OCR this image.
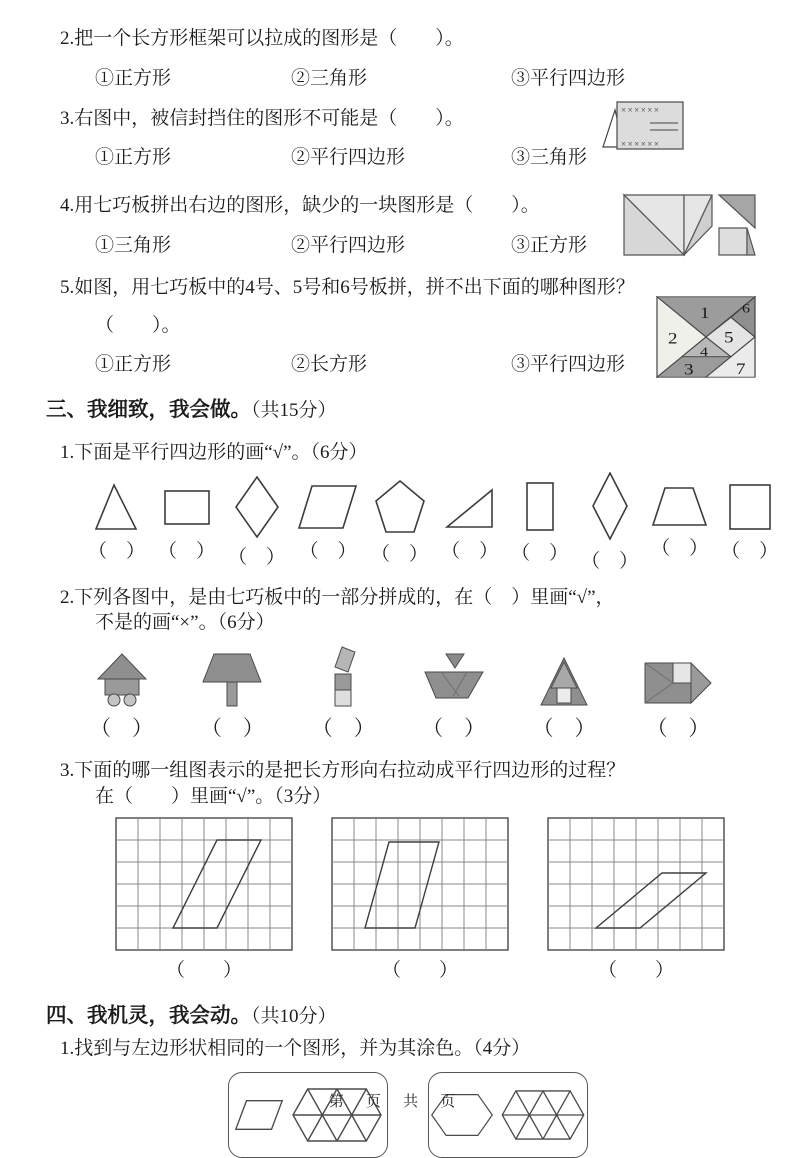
2.把一个长方形框架可以拉成的图形是（　　）。
①正方形	②三角形	③平行四边形
3.右图中，被信封挡住的图形不可能是（　　）。
①正方形	②平行四边形	③三角形
××××××
××××××
4.用七巧板拼出右边的图形，缺少的一块图形是（　　）。
①三角形	②平行四边形	③正方形
5.如图，用七巧板中的4号、5号和6号板拼，拼不出下面的哪种图形？
（　　）。
①正方形	②长方形	③平行四边形
1
2
3
4
5
6
7
三、我细致，我会做。（共15分）
1.下面是平行四边形的画“√”。（6分）
（　） （　） （　） （　） （　） （　） （　） （　）
（　） （　）
2.下列各图中，是由七巧板中的一部分拼成的，在（　）里画“√”，
不是的画“×”。（6分）
（　） （　） （　） （　） （　） （　）
3.下面的哪一组图表示的是把长方形向右拉动成平行四边形的过程？
在（　　）里画“√”。（3分）
（　　）	（　　）	（　　）
四、我机灵，我会动。（共10分）
1.找到与左边形状相同的一个图形，并为其涂色。（4分）
第 页 共 页
